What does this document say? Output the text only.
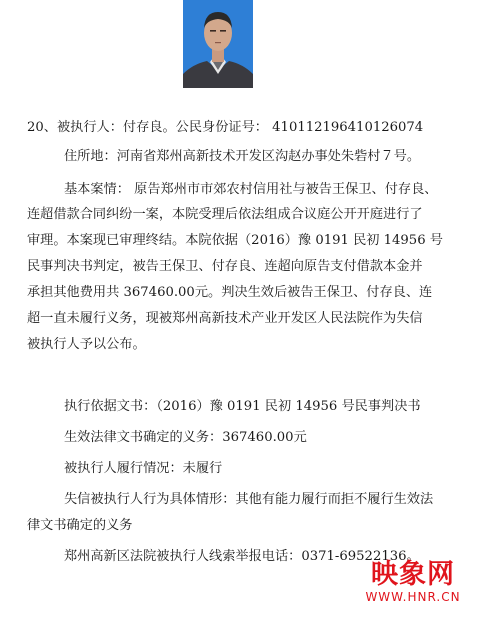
20、被执行人：付存良。公民身份证号： 410112196410126074
住所地：河南省郑州高新技术开发区沟赵办事处朱砦村７号。
基本案情： 原告郑州市市郊农村信用社与被告王保卫、付存良、
连超借款合同纠纷一案，本院受理后依法组成合议庭公开开庭进行了
审理。本案现已审理终结。本院依据（2016）豫 0191 民初 14956 号
民事判决书判定，被告王保卫、付存良、连超向原告支付借款本金并
承担其他费用共 367460.00元。判决生效后被告王保卫、付存良、连
超一直未履行义务，现被郑州高新技术产业开发区人民法院作为失信
被执行人予以公布。
执行依据文书：（2016）豫 0191 民初 14956 号民事判决书
生效法律文书确定的义务：367460.00元
被执行人履行情况：未履行
失信被执行人行为具体情形：其他有能力履行而拒不履行生效法
律文书确定的义务
郑州高新区法院被执行人线索举报电话：0371-69522136。
映象网
WWW.HNR.CN
